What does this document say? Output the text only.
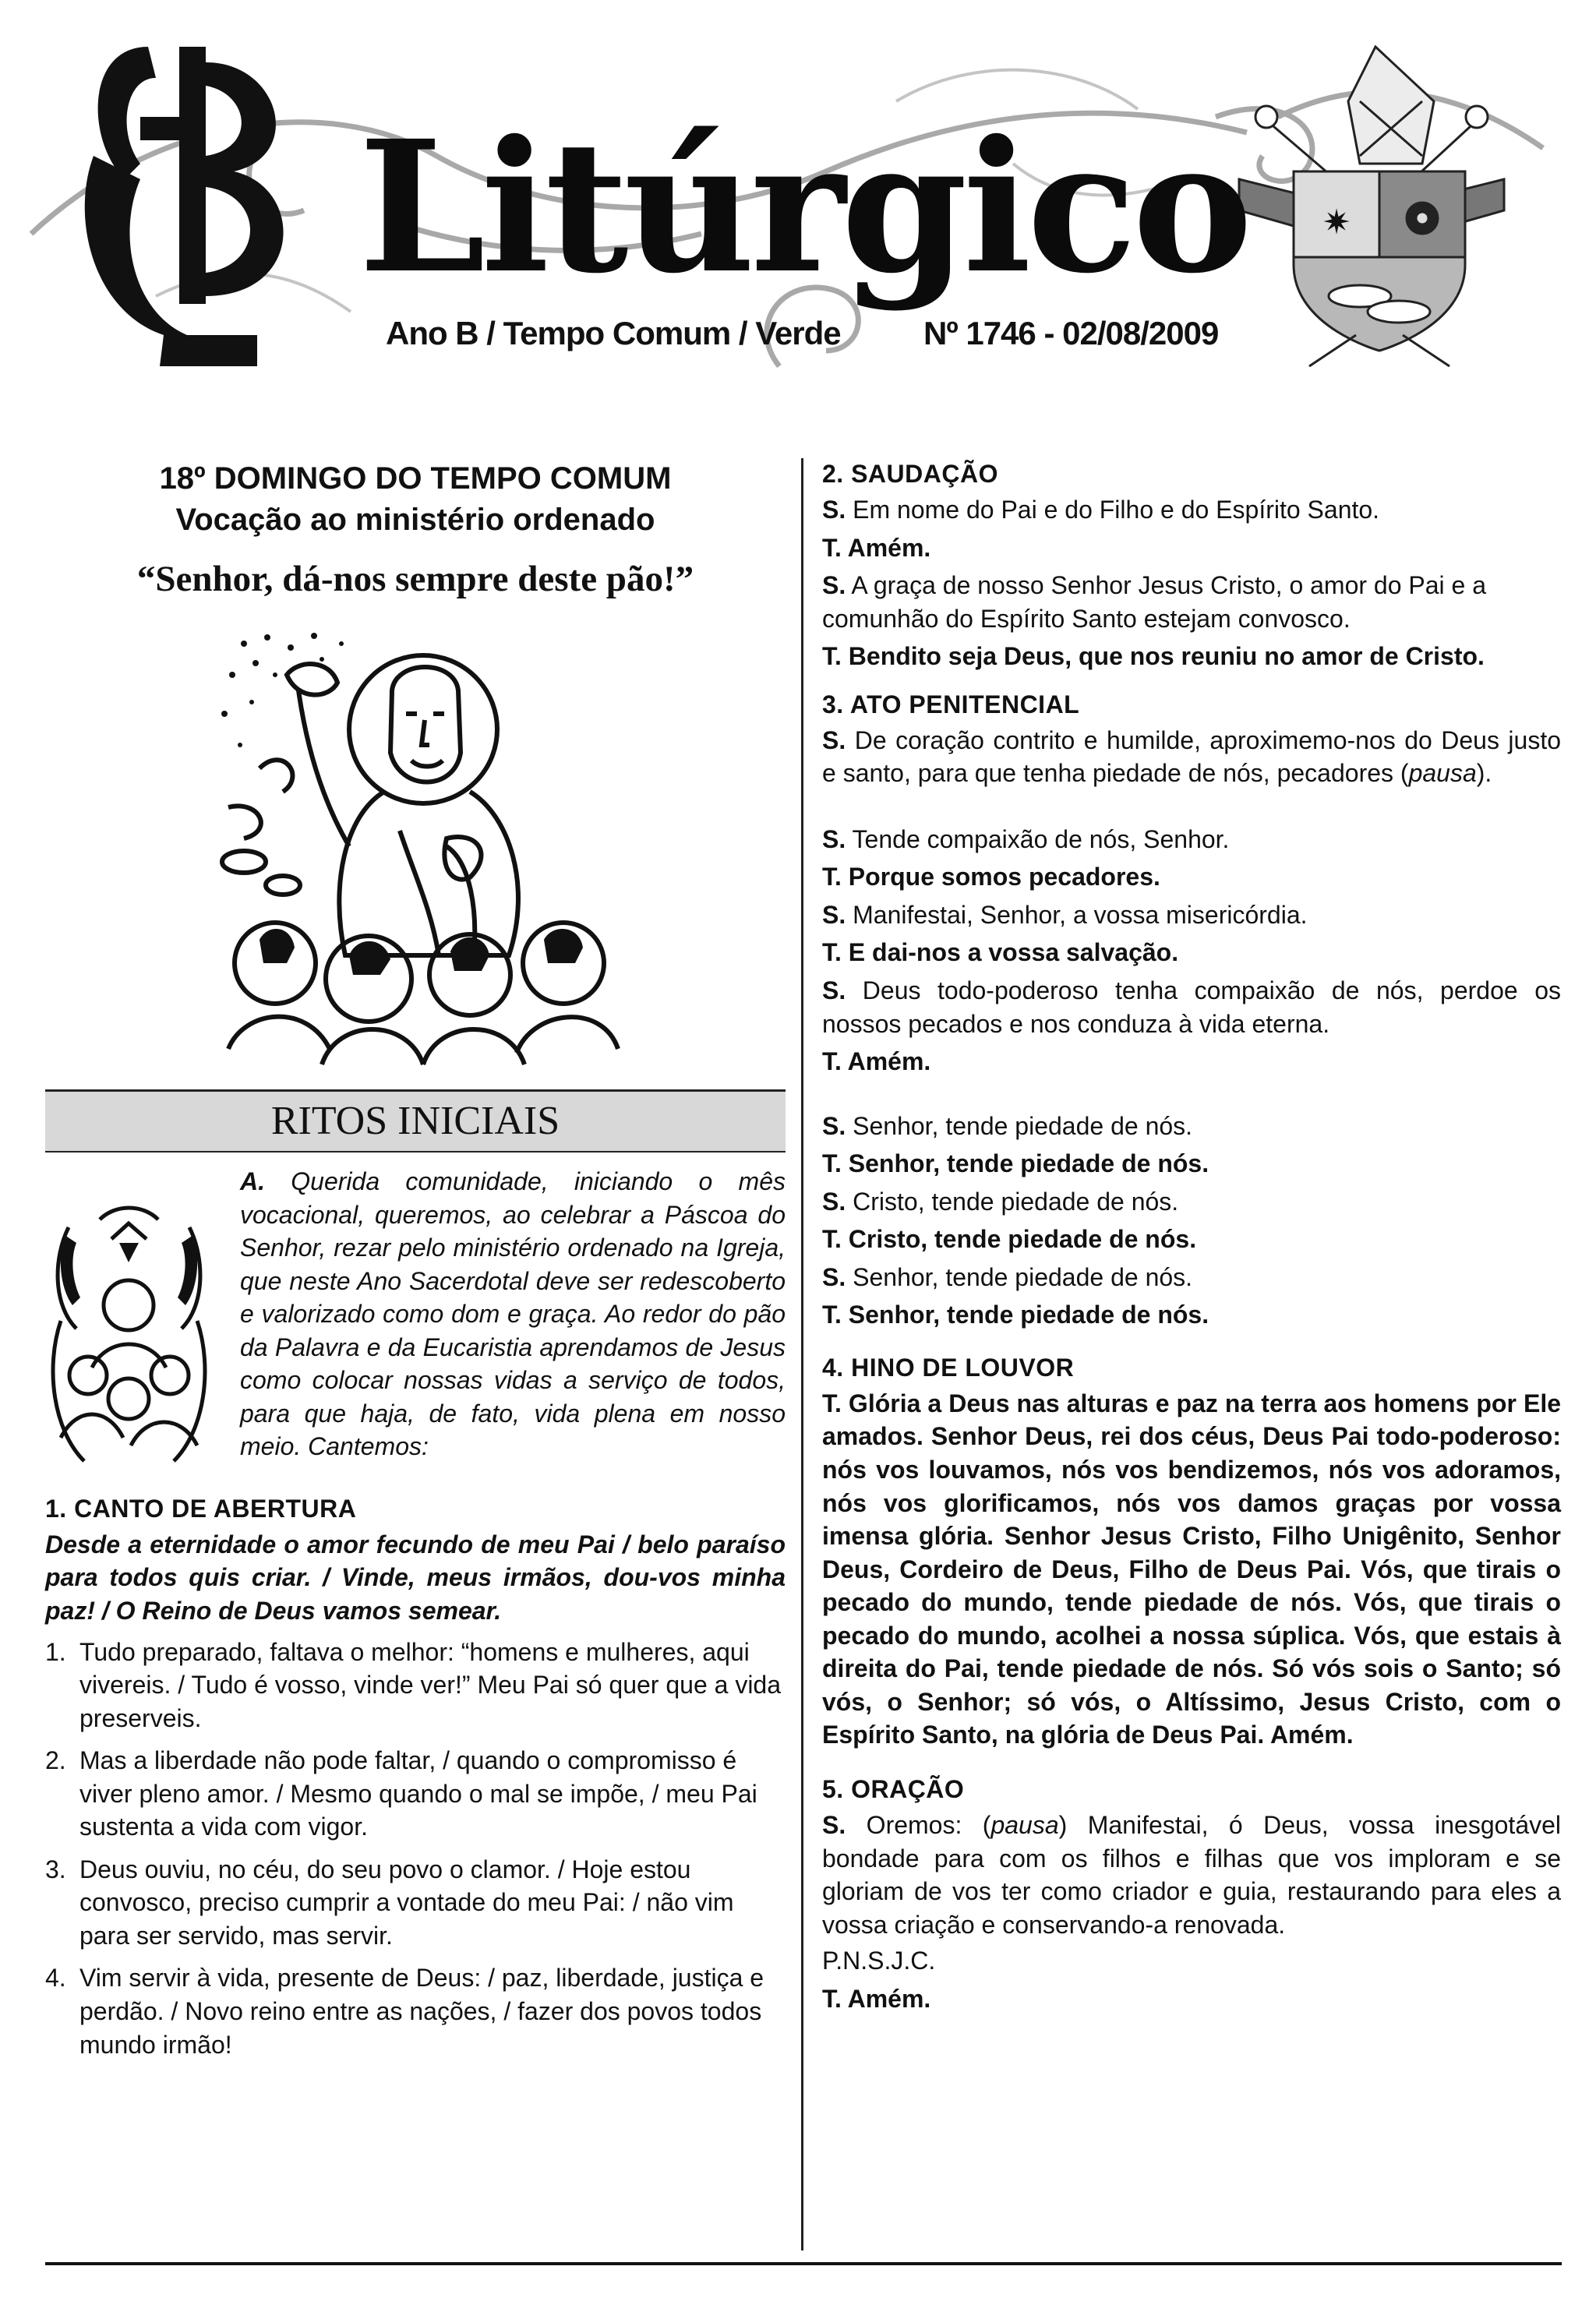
✷
Litúrgico
Ano B / Tempo Comum / Verde	Nº 1746 - 02/08/2009
18º DOMINGO DO TEMPO COMUM
Vocação ao ministério ordenado
“Senhor, dá-nos sempre deste pão!”
RITOS INICIAIS

A. Querida comunidade, iniciando o mês vocacional, queremos, ao celebrar a Páscoa do Senhor, rezar pelo ministério ordenado na Igreja, que neste Ano Sacerdotal deve ser redescoberto e valorizado como dom e graça. Ao redor do pão da Palavra e da Eucaristia aprendamos de Jesus como colocar nossas vidas a serviço de todos, para que haja, de fato, vida plena em nosso meio. Cantemos:

1. CANTO DE ABERTURA

Desde a eternidade o amor fecundo de meu Pai / belo paraíso para todos quis criar. / Vinde, meus irmãos, dou-vos minha paz! / O Reino de Deus vamos semear.

1. Tudo preparado, faltava o melhor: “homens e mulheres, aqui vivereis. / Tudo é vosso, vinde ver!” Meu Pai só quer que a vida preserveis.
2. Mas a liberdade não pode faltar, / quando o compromisso é viver pleno amor. / Mesmo quando o mal se impõe, / meu Pai sustenta a vida com vigor.
3. Deus ouviu, no céu, do seu povo o clamor. / Hoje estou convosco, preciso cumprir a vontade do meu Pai: / não vim para ser servido, mas servir.
4. Vim servir à vida, presente de Deus: / paz, liberdade, justiça e perdão. / Novo reino entre as nações, / fazer dos povos todos mundo irmão!
2. SAUDAÇÃO

S. Em nome do Pai e do Filho e do Espírito Santo.

T. Amém.

S. A graça de nosso Senhor Jesus Cristo, o amor do Pai e a comunhão do Espírito Santo estejam convosco.

T. Bendito seja Deus, que nos reuniu no amor de Cristo.

3. ATO PENITENCIAL

S. De coração contrito e humilde, aproximemo-nos do Deus justo e santo, para que tenha piedade de nós, pecadores (pausa).

S. Tende compaixão de nós, Senhor.

T. Porque somos pecadores.

S. Manifestai, Senhor, a vossa misericórdia.

T. E dai-nos a vossa salvação.

S. Deus todo-poderoso tenha compaixão de nós, perdoe os nossos pecados e nos conduza à vida eterna.

T. Amém.

S. Senhor, tende piedade de nós.

T. Senhor, tende piedade de nós.

S. Cristo, tende piedade de nós.

T. Cristo, tende piedade de nós.

S. Senhor, tende piedade de nós.

T. Senhor, tende piedade de nós.

4. HINO DE LOUVOR

T. Glória a Deus nas alturas e paz na terra aos homens por Ele amados. Senhor Deus, rei dos céus, Deus Pai todo-poderoso: nós vos louvamos, nós vos bendizemos, nós vos adoramos, nós vos glorificamos, nós vos damos graças por vossa imensa glória. Senhor Jesus Cristo, Filho Unigênito, Senhor Deus, Cordeiro de Deus, Filho de Deus Pai. Vós, que tirais o pecado do mundo, tende piedade de nós. Vós, que tirais o pecado do mundo, acolhei a nossa súplica. Vós, que estais à direita do Pai, tende piedade de nós. Só vós sois o Santo; só vós, o Senhor; só vós, o Altíssimo, Jesus Cristo, com o Espírito Santo, na glória de Deus Pai. Amém.

5. ORAÇÃO

S. Oremos: (pausa) Manifestai, ó Deus, vossa inesgotável bondade para com os filhos e filhas que vos imploram e se gloriam de vos ter como criador e guia, restaurando para eles a vossa criação e conservando-a renovada.

P.N.S.J.C.

T. Amém.
